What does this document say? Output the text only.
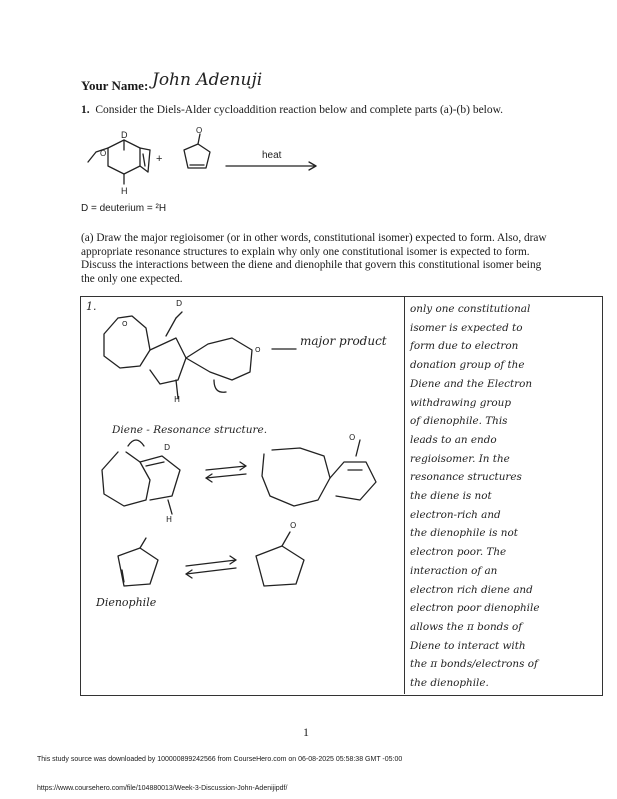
Your Name: John Adenuji
1. Consider the Diels-Alder cycloaddition reaction below and complete parts (a)-(b) below.
D
H
O	+
O
heat
O
O
D
H
D
H
O
O
D = deuterium = ²H
(a) Draw the major regioisomer (or in other words, constitutional isomer) expected to form. Also, draw appropriate resonance structures to explain why only one constitutional isomer is expected to form. Discuss the interactions between the diene and dienophile that govern this constitutional isomer being the only one expected.
1.
major product
Diene - Resonance structure.
Dienophile
only one constitutional
isomer is expected to
form due to electron
donation group of the
Diene and the Electron
withdrawing group
of dienophile. This
leads to an endo
regioisomer. In the
resonance structures
the diene is not
electron-rich and
the dienophile is not
electron poor. The
interaction of an
electron rich diene and
electron poor dienophile
allows the π bonds of
Diene to interact with
the π bonds/electrons of
the dienophile.
1
This study source was downloaded by 100000899242566 from CourseHero.com on 06-08-2025 05:58:38 GMT -05:00
https://www.coursehero.com/file/104880013/Week-3-Discussion-John-Adenijipdf/
